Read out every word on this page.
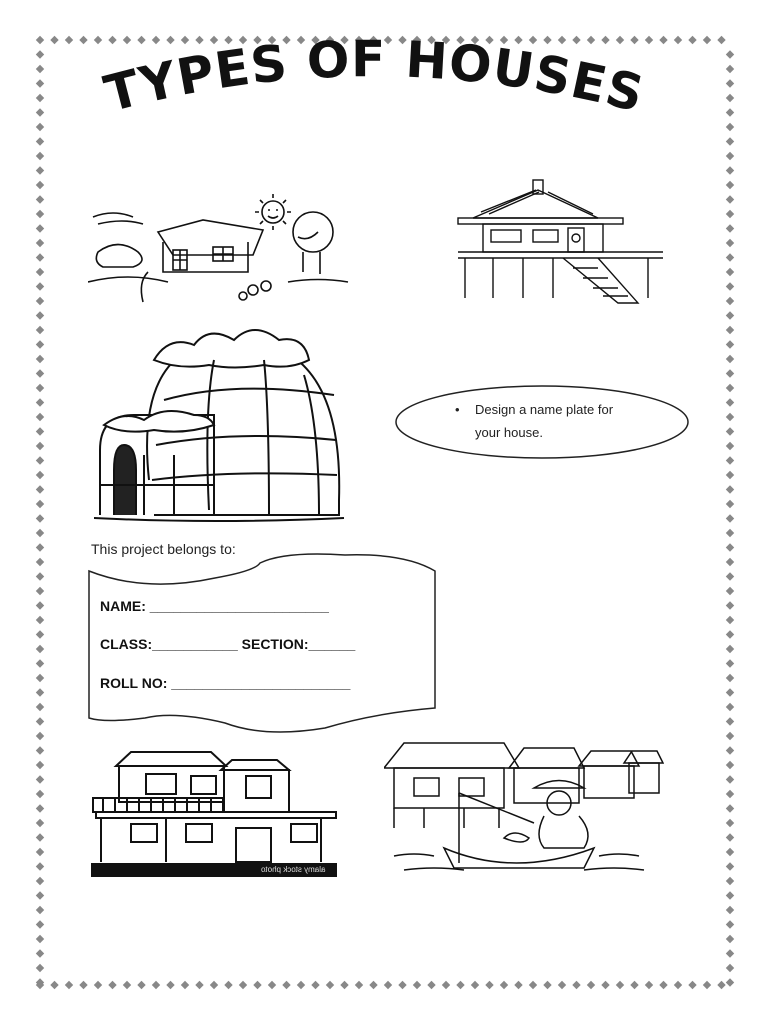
TYPES OF HOUSES
• Design a name plate for
your house.
This project belongs to:
NAME: _______________________
CLASS:___________ SECTION:______
ROLL NO: _______________________
alamy stock photo
